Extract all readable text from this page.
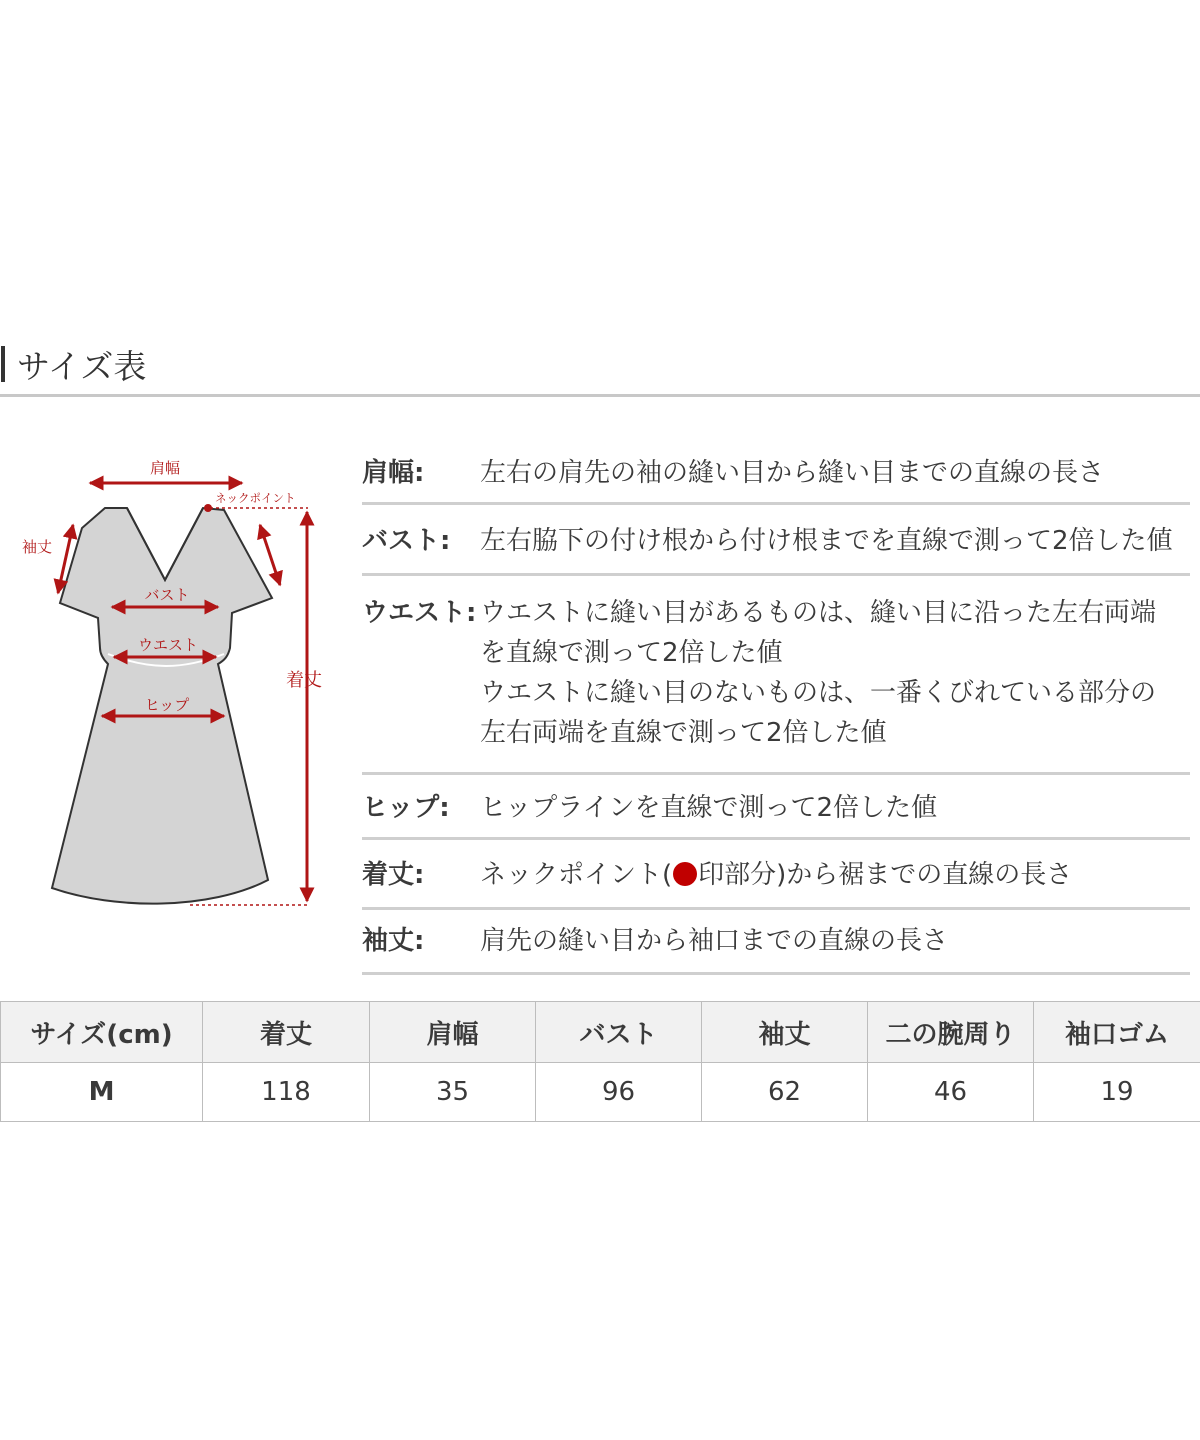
サイズ表
肩幅
ネックポイント
袖丈
バスト
ウエスト
ヒップ
着丈
肩幅:	左右の肩先の袖の縫い目から縫い目までの直線の長さ
バスト:	左右脇下の付け根から付け根までを直線で測って2倍した値
ウエスト: ウエストに縫い目があるものは、縫い目に沿った左右両端
を直線で測って2倍した値
ウエストに縫い目のないものは、一番くびれている部分の
左右両端を直線で測って2倍した値
ヒップ:	ヒップラインを直線で測って2倍した値
着丈:	ネックポイント( 印部分)から裾までの直線の長さ
袖丈:	肩先の縫い目から袖口までの直線の長さ
サイズ(cm)	着丈	肩幅	バスト	袖丈	二の腕周り	袖口ゴム
M	118	35	96	62	46	19
